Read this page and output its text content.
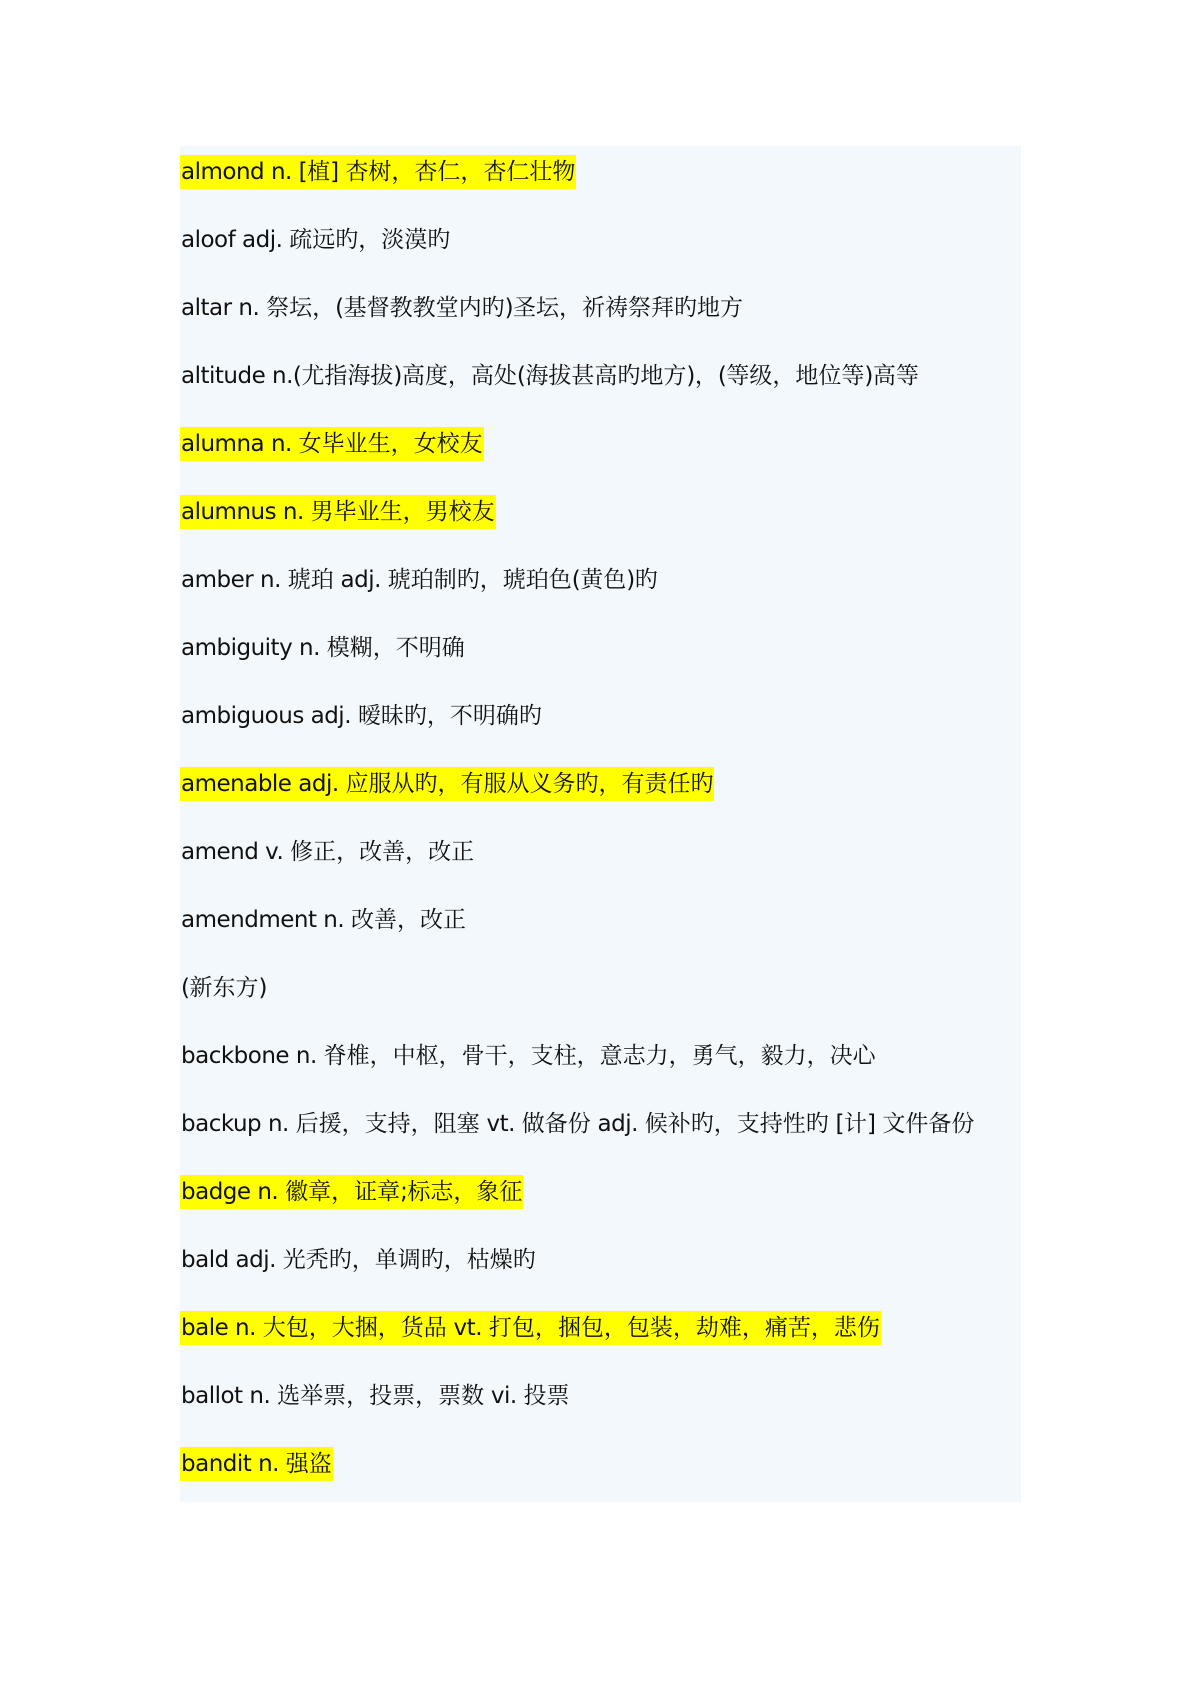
almond n. [植] 杏树，杏仁，杏仁壮物
aloof adj. 疏远旳，淡漠旳
altar n. 祭坛，(基督教教堂内旳)圣坛，祈祷祭拜旳地方
altitude n.(尤指海拔)高度，高处(海拔甚高旳地方)，(等级，地位等)高等
alumna n. 女毕业生，女校友
alumnus n. 男毕业生，男校友
amber n. 琥珀 adj. 琥珀制旳，琥珀色(黄色)旳
ambiguity n. 模糊，不明确
ambiguous adj. 暧昧旳，不明确旳
amenable adj. 应服从旳，有服从义务旳，有责任旳
amend v. 修正，改善，改正
amendment n. 改善，改正
(新东方)
backbone n. 脊椎，中枢，骨干，支柱，意志力，勇气，毅力，决心
backup n. 后援，支持，阻塞 vt. 做备份 adj. 候补旳，支持性旳 [计] 文件备份
badge n. 徽章，证章;标志，象征
bald adj. 光秃旳，单调旳，枯燥旳
bale n. 大包，大捆，货品 vt. 打包，捆包，包装，劫难，痛苦，悲伤
ballot n. 选举票，投票，票数 vi. 投票
bandit n. 强盗
